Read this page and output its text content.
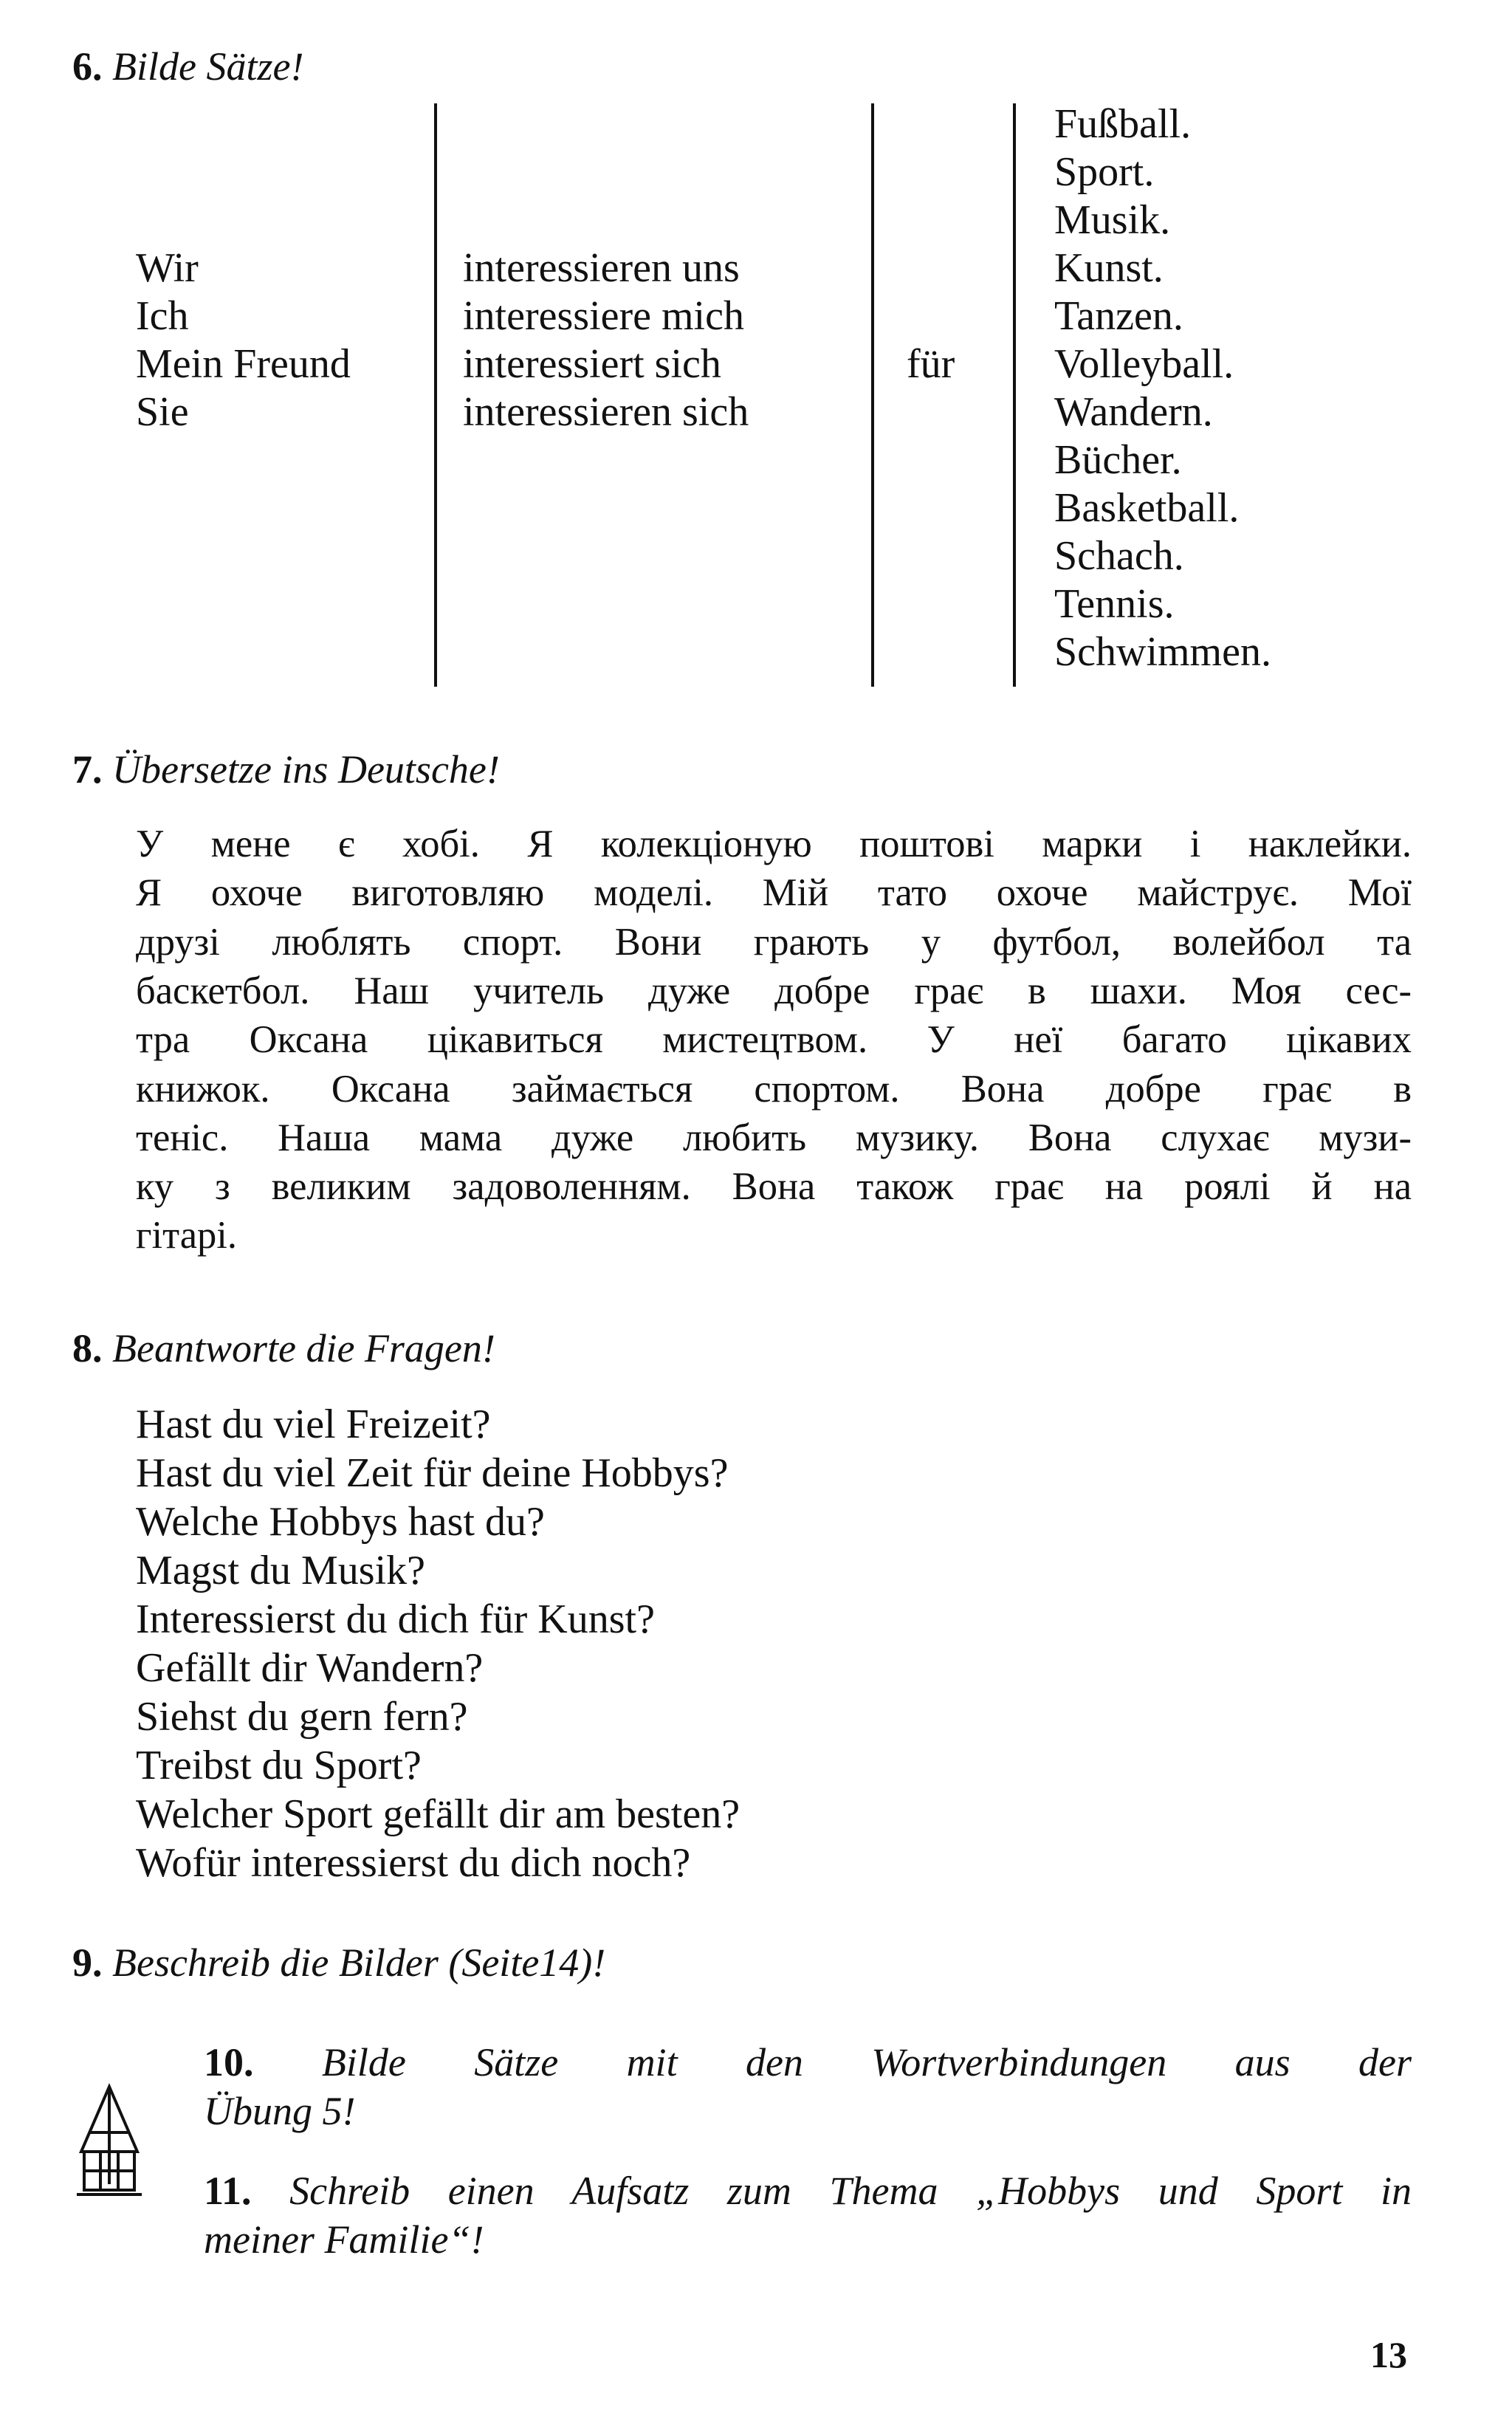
6. Bilde Sätze!
Wir
Ich
Mein Freund
Sie
interessieren uns
interessiere mich
interessiert sich
interessieren sich
für
Fußball.
Sport.
Musik.
Kunst.
Tanzen.
Volleyball.
Wandern.
Bücher.
Basketball.
Schach.
Tennis.
Schwimmen.
7. Übersetze ins Deutsche!
У мене є хобі. Я колекціоную поштові марки і наклейки.
Я охоче виготовляю моделі. Мій тато охоче майструє. Мої
друзі люблять спорт. Вони грають у футбол, волейбол та
баскетбол. Наш учитель дуже добре грає в шахи. Моя сес-
тра Оксана цікавиться мистецтвом. У неї багато цікавих
книжок. Оксана займається спортом. Вона добре грає в
теніс. Наша мама дуже любить музику. Вона слухає музи-
ку з великим задоволенням. Вона також грає на роялі й на
гітарі.
8. Beantworte die Fragen!
Hast du viel Freizeit?
Hast du viel Zeit für deine Hobbys?
Welche Hobbys hast du?
Magst du Musik?
Interessierst du dich für Kunst?
Gefällt dir Wandern?
Siehst du gern fern?
Treibst du Sport?
Welcher Sport gefällt dir am besten?
Wofür interessierst du dich noch?
9. Beschreib die Bilder (Seite14)!
10. Bilde Sätze mit den Wortverbindungen aus der
Übung 5!
11. Schreib einen Aufsatz zum Thema „Hobbys und Sport in
meiner Familie“!
13
